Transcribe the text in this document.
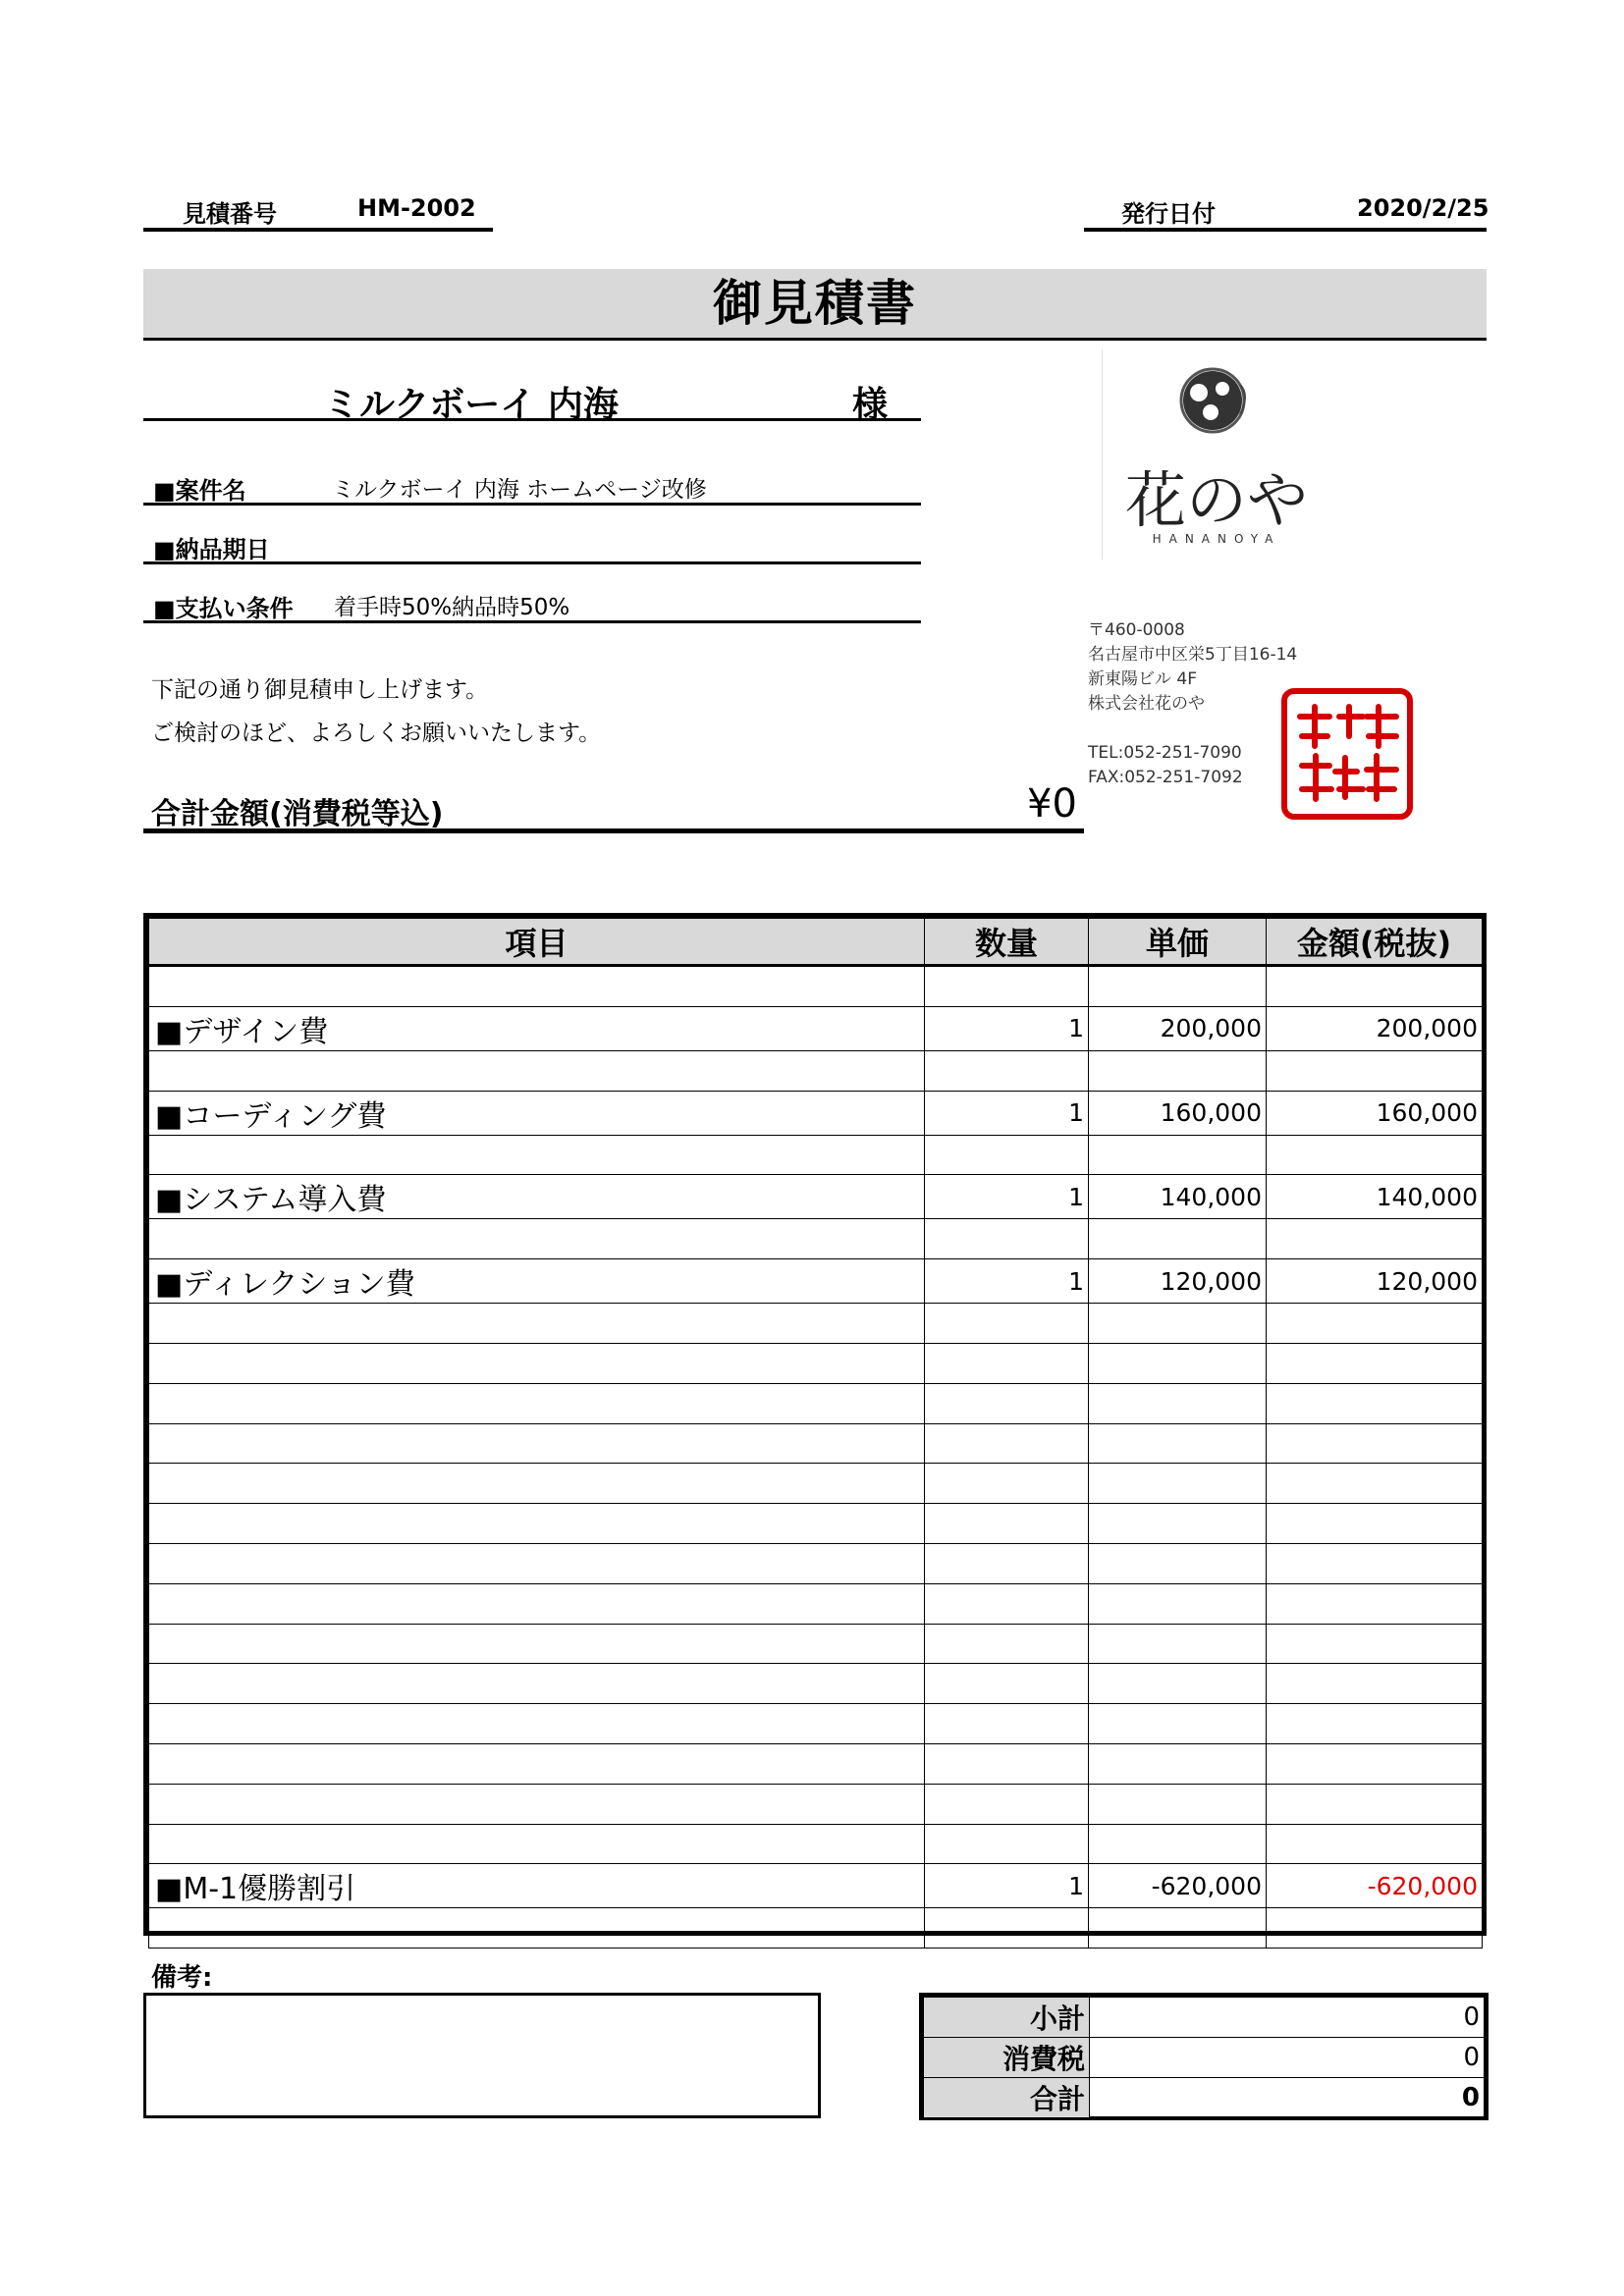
見積番号	HM-2002	発行日付	2020/2/25
御見積書
ミルクボーイ 内海	様
■案件名	ミルクボーイ 内海 ホームページ改修
■納品期日
■支払い条件 着手時50%納品時50%
下記の通り御見積申し上げます。
ご検討のほど、よろしくお願いいたします。
合計金額(消費税等込)	¥0
花のや
HANANOYA
〒460-0008
名古屋市中区栄5丁目16-14
新東陽ビル 4F
株式会社花のや
TEL:052-251-7090
FAX:052-251-7092
項目	数量	単価	金額(税抜)

■デザイン費	1	200,000	200,000

■コーディング費	1	160,000	160,000

■システム導入費	1	140,000	140,000

■ディレクション費	1	120,000	120,000

■M-1優勝割引	1	-620,000	-620,000

備考:
小計	0
消費税	0
合計	0
